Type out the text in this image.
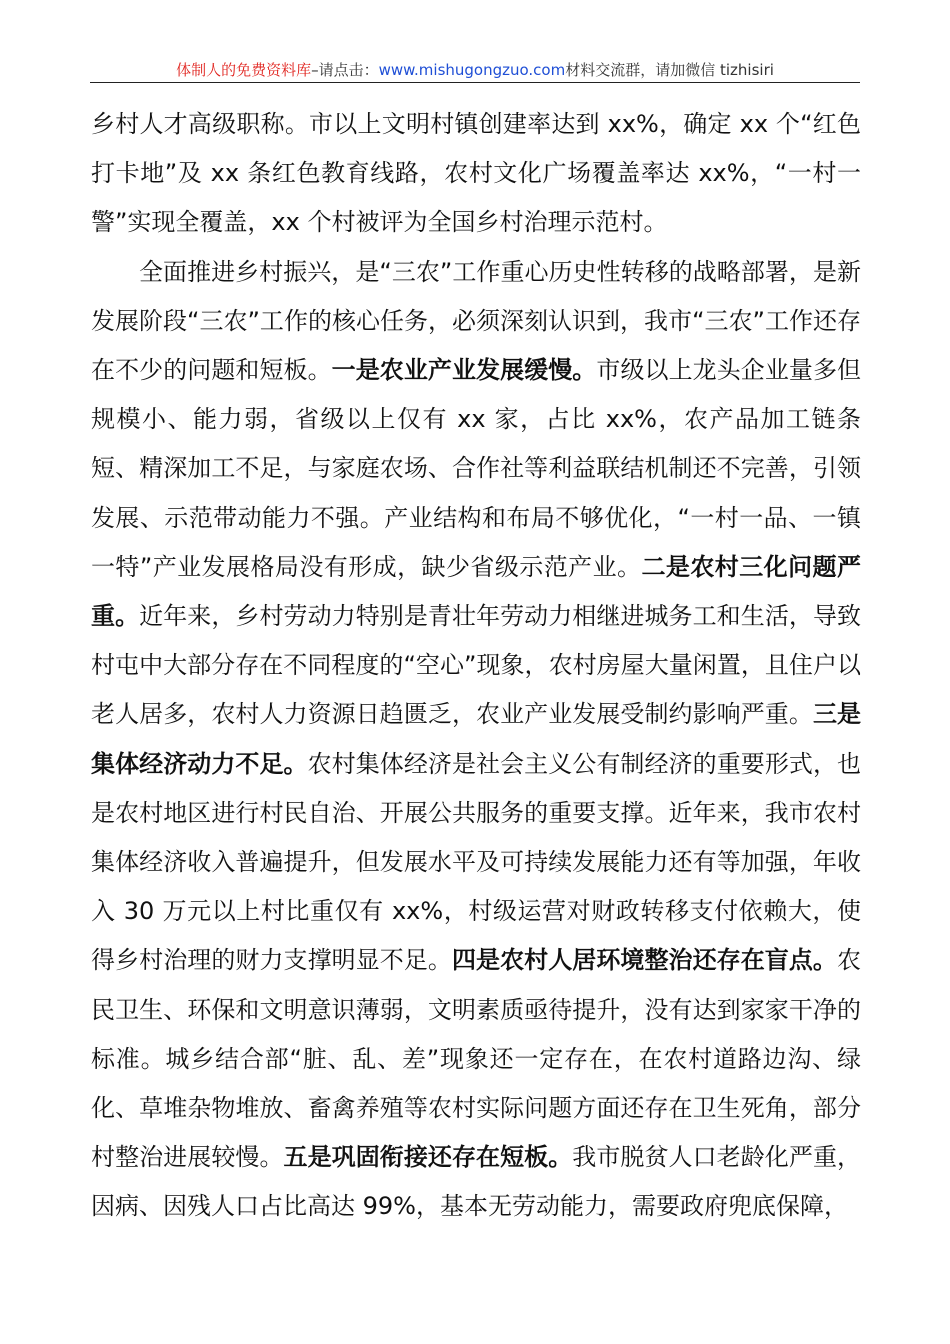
体制人的免费资料库–请点击：www.mishugongzuo.com材料交流群，请加微信 tizhisiri

乡村人才高级职称。市以上文明村镇创建率达到 xx%，确定 xx 个“红色打卡地”及 xx 条红色教育线路，农村文化广场覆盖率达 xx%，“一村一警”实现全覆盖，xx 个村被评为全国乡村治理示范村。

全面推进乡村振兴，是“三农”工作重心历史性转移的战略部署，是新发展阶段“三农”工作的核心任务，必须深刻认识到，我市“三农”工作还存在不少的问题和短板。一是农业产业发展缓慢。市级以上龙头企业量多但规模小、能力弱，省级以上仅有 xx 家，占比 xx%，农产品加工链条短、精深加工不足，与家庭农场、合作社等利益联结机制还不完善，引领发展、示范带动能力不强。产业结构和布局不够优化，“一村一品、一镇一特”产业发展格局没有形成，缺少省级示范产业。二是农村三化问题严重。近年来，乡村劳动力特别是青壮年劳动力相继进城务工和生活，导致村屯中大部分存在不同程度的“空心”现象，农村房屋大量闲置，且住户以老人居多，农村人力资源日趋匮乏，农业产业发展受制约影响严重。三是集体经济动力不足。农村集体经济是社会主义公有制经济的重要形式，也是农村地区进行村民自治、开展公共服务的重要支撑。近年来，我市农村集体经济收入普遍提升，但发展水平及可持续发展能力还有等加强，年收入 30 万元以上村比重仅有 xx%，村级运营对财政转移支付依赖大，使得乡村治理的财力支撑明显不足。四是农村人居环境整治还存在盲点。农民卫生、环保和文明意识薄弱，文明素质亟待提升，没有达到家家干净的标准。城乡结合部“脏、乱、差”现象还一定存在，在农村道路边沟、绿化、草堆杂物堆放、畜禽养殖等农村实际问题方面还存在卫生死角，部分村整治进展较慢。五是巩固衔接还存在短板。我市脱贫人口老龄化严重，因病、因残人口占比高达 99%，基本无劳动能力，需要政府兜底保障，
